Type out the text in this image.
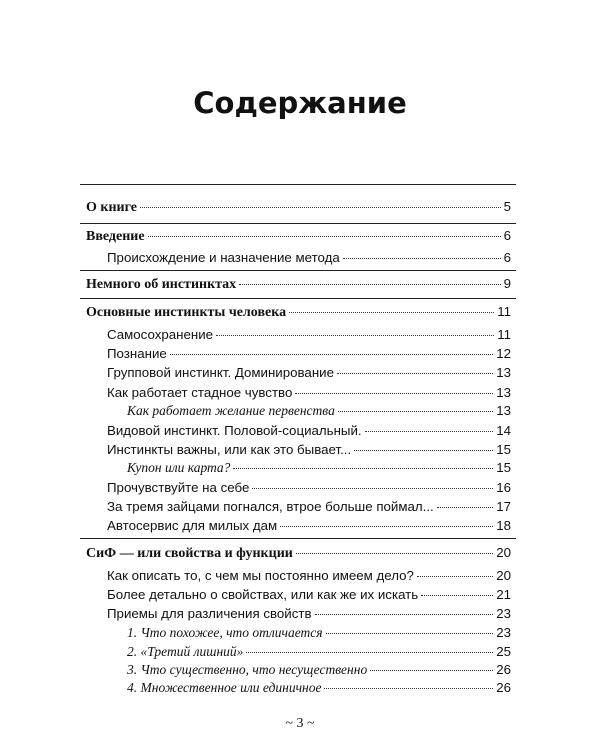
Содержание
О книге	5
Введение	6
Происхождение и назначение метода	6
Немного об инстинктах	9
Основные инстинкты человека	11
Самосохранение	11
Познание	12
Групповой инстинкт. Доминирование	13
Как работает стадное чувство	13
Как работает желание первенства	13
Видовой инстинкт. Половой-социальный.	14
Инстинкты важны, или как это бывает...	15
Купон или карта?	15
Прочувствуйте на себе	16
За тремя зайцами погнался, втрое больше поймал...	17
Автосервис для милых дам	18
СиФ — или свойства и функции	20
Как описать то, с чем мы постоянно имеем дело?	20
Более детально о свойствах, или как же их искать	21
Приемы для различения свойств	23
1. Что похожее, что отличается	23
2. «Третий лишний»	25
3. Что существенно, что несущественно	26
4. Множественное или единичное	26
~ 3 ~
